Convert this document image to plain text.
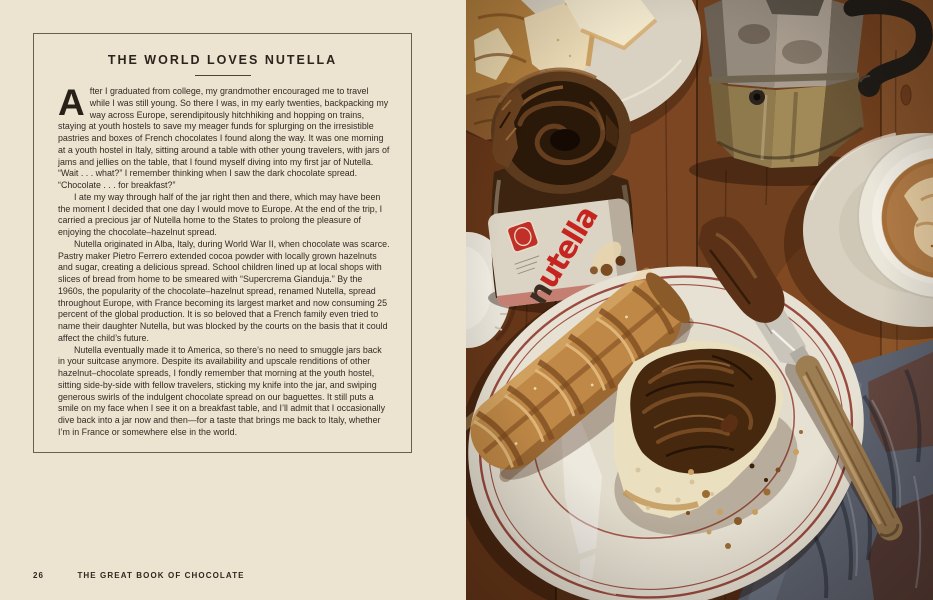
THE WORLD LOVES NUTELLA

After I graduated from college, my grandmother encouraged me to travel while I was still young. So there I was, in my early twenties, backpacking my way across Europe, serendipitously hitchhiking and hopping on trains, staying at youth hostels to save my meager funds for splurging on the irresistible pastries and boxes of French chocolates I found along the way. It was one morning at a youth hostel in Italy, sitting around a table with other young travelers, with jars of jams and jellies on the table, that I found myself diving into my first jar of Nutella. “Wait . . . what?” I remember thinking when I saw the dark chocolate spread. “Chocolate . . . for breakfast?”

I ate my way through half of the jar right then and there, which may have been the moment I decided that one day I would move to Europe. At the end of the trip, I carried a precious jar of Nutella home to the States to prolong the pleasure of enjoying the chocolate–hazelnut spread.

Nutella originated in Alba, Italy, during World War II, when chocolate was scarce. Pastry maker Pietro Ferrero extended cocoa powder with locally grown hazelnuts and sugar, creating a delicious spread. School children lined up at local shops with slices of bread from home to be smeared with “Supercrema Gianduja.” By the 1960s, the popularity of the chocolate–hazelnut spread, renamed Nutella, spread throughout Europe, with France becoming its largest market and now consuming 25 percent of the global production. It is so beloved that a French family even tried to name their daughter Nutella, but was blocked by the courts on the basis that it could affect the child’s future.

Nutella eventually made it to America, so there’s no need to smuggle jars back in your suitcase anymore. Despite its availability and upscale renditions of other hazelnut–chocolate spreads, I fondly remember that morning at the youth hostel, sitting side-by-side with fellow travelers, sticking my knife into the jar, and swiping generous swirls of the indulgent chocolate spread on our baguettes. It still puts a smile on my face when I see it on a breakfast table, and I’ll admit that I occasionally dive back into a jar now and then—for a taste that brings me back to Italy, whether I’m in France or somewhere else in the world.

26	THE GREAT BOOK OF CHOCOLATE
